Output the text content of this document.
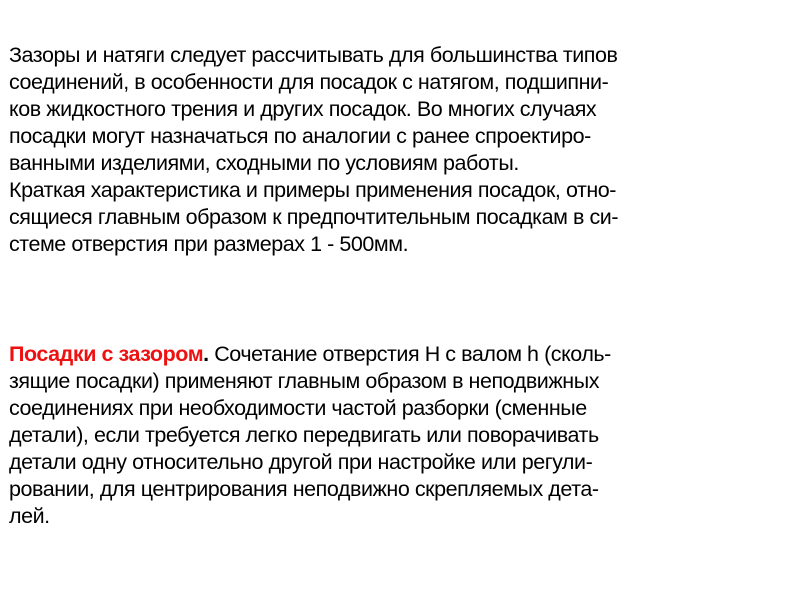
Зазоры и натяги следует рассчитывать для большинства типов
соединений, в особенности для посадок с натягом, подшипни-
ков жидкостного трения и других посадок. Во многих случаях
посадки могут назначаться по аналогии с ранее спроектиро-
ванными изделиями, сходными по условиям работы.
Краткая характеристика и примеры применения посадок, отно-
сящиеся главным образом к предпочтительным посадкам в си-
стеме отверстия при размерах 1 - 500мм.

Посадки с зазором. Сочетание отверстия H с валом h (сколь-
зящие посадки) применяют главным образом в неподвижных
соединениях при необходимости частой разборки (сменные
детали), если требуется легко передвигать или поворачивать
детали одну относительно другой при настройке или регули-
ровании, для центрирования неподвижно скрепляемых дета-
лей.
